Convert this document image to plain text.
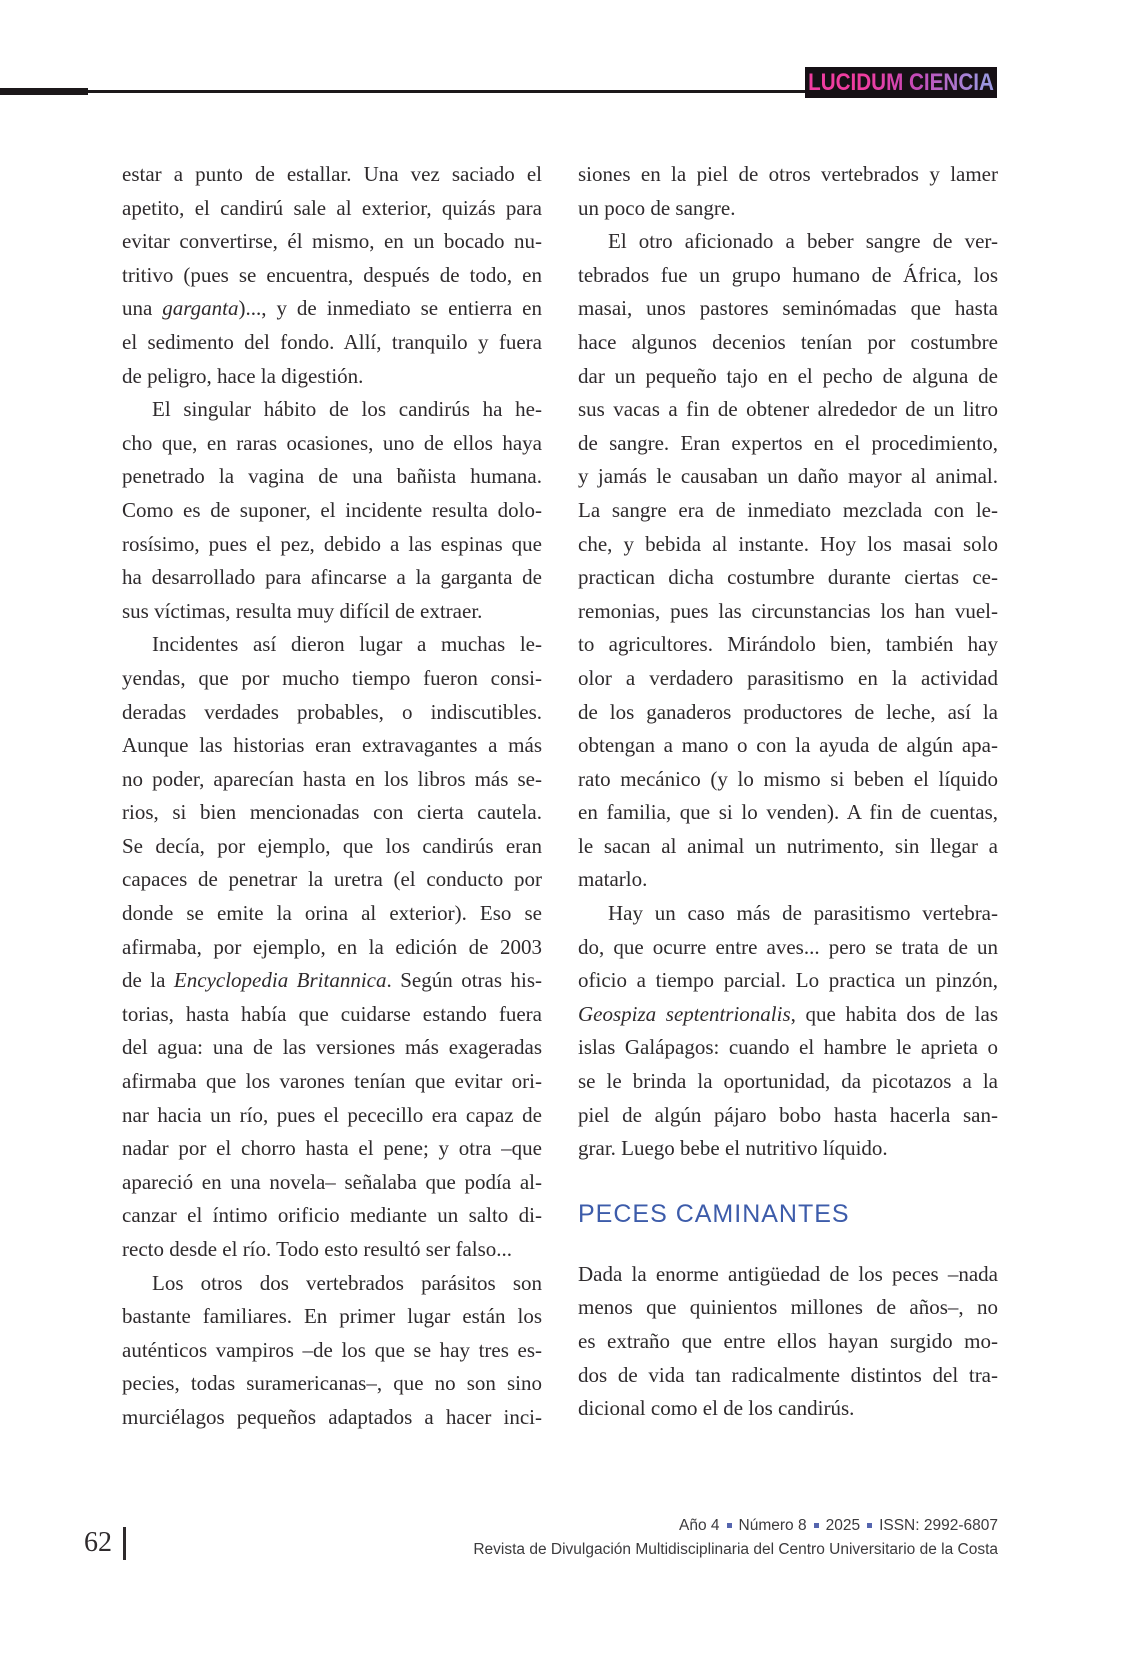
LUCIDUM CIENCIA
estar a punto de estallar. Una vez saciado el
apetito, el candirú sale al exterior, quizás para
evitar convertirse, él mismo, en un bocado nu-
tritivo (pues se encuentra, después de todo, en
una garganta)..., y de inmediato se entierra en
el sedimento del fondo. Allí, tranquilo y fuera
de peligro, hace la digestión.
El singular hábito de los candirús ha he-
cho que, en raras ocasiones, uno de ellos haya
penetrado la vagina de una bañista humana.
Como es de suponer, el incidente resulta dolo-
rosísimo, pues el pez, debido a las espinas que
ha desarrollado para afincarse a la garganta de
sus víctimas, resulta muy difícil de extraer.
Incidentes así dieron lugar a muchas le-
yendas, que por mucho tiempo fueron consi-
deradas verdades probables, o indiscutibles.
Aunque las historias eran extravagantes a más
no poder, aparecían hasta en los libros más se-
rios, si bien mencionadas con cierta cautela.
Se decía, por ejemplo, que los candirús eran
capaces de penetrar la uretra (el conducto por
donde se emite la orina al exterior). Eso se
afirmaba, por ejemplo, en la edición de 2003
de la Encyclopedia Britannica. Según otras his-
torias, hasta había que cuidarse estando fuera
del agua: una de las versiones más exageradas
afirmaba que los varones tenían que evitar ori-
nar hacia un río, pues el pececillo era capaz de
nadar por el chorro hasta el pene; y otra –que
apareció en una novela– señalaba que podía al-
canzar el íntimo orificio mediante un salto di-
recto desde el río. Todo esto resultó ser falso...
Los otros dos vertebrados parásitos son
bastante familiares. En primer lugar están los
auténticos vampiros –de los que se hay tres es-
pecies, todas suramericanas–, que no son sino
murciélagos pequeños adaptados a hacer inci-
siones en la piel de otros vertebrados y lamer
un poco de sangre.
El otro aficionado a beber sangre de ver-
tebrados fue un grupo humano de África, los
masai, unos pastores seminómadas que hasta
hace algunos decenios tenían por costumbre
dar un pequeño tajo en el pecho de alguna de
sus vacas a fin de obtener alrededor de un litro
de sangre. Eran expertos en el procedimiento,
y jamás le causaban un daño mayor al animal.
La sangre era de inmediato mezclada con le-
che, y bebida al instante. Hoy los masai solo
practican dicha costumbre durante ciertas ce-
remonias, pues las circunstancias los han vuel-
to agricultores. Mirándolo bien, también hay
olor a verdadero parasitismo en la actividad
de los ganaderos productores de leche, así la
obtengan a mano o con la ayuda de algún apa-
rato mecánico (y lo mismo si beben el líquido
en familia, que si lo venden). A fin de cuentas,
le sacan al animal un nutrimento, sin llegar a
matarlo.
Hay un caso más de parasitismo vertebra-
do, que ocurre entre aves... pero se trata de un
oficio a tiempo parcial. Lo practica un pinzón,
Geospiza septentrionalis, que habita dos de las
islas Galápagos: cuando el hambre le aprieta o
se le brinda la oportunidad, da picotazos a la
piel de algún pájaro bobo hasta hacerla san-
grar. Luego bebe el nutritivo líquido.
PECES CAMINANTES
Dada la enorme antigüedad de los peces –nada
menos que quinientos millones de años–, no
es extraño que entre ellos hayan surgido mo-
dos de vida tan radicalmente distintos del tra-
dicional como el de los candirús.
62
Año 4 Número 8 2025 ISSN: 2992-6807
Revista de Divulgación Multidisciplinaria del Centro Universitario de la Costa
